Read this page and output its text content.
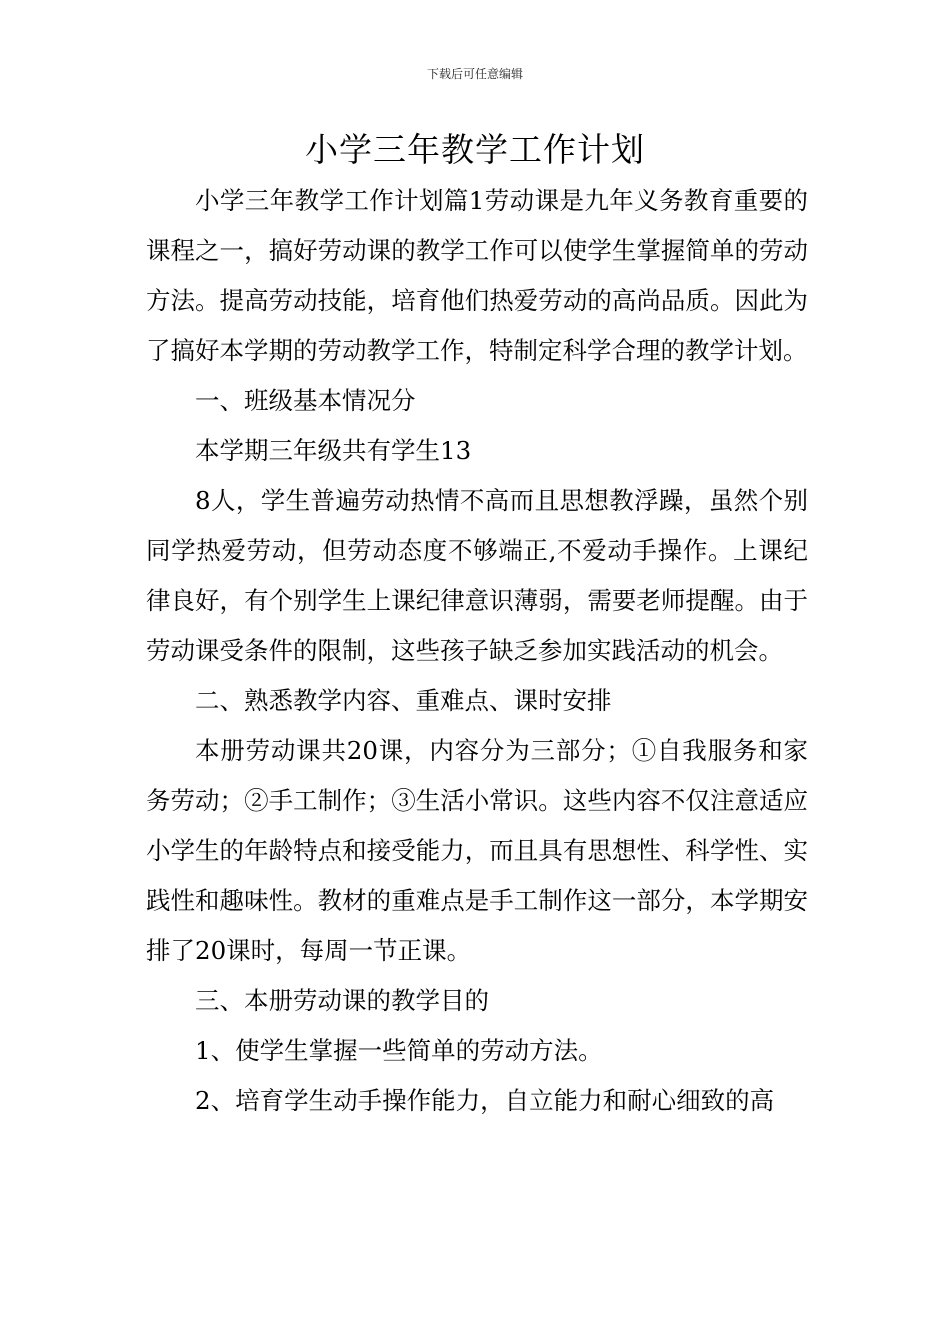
下载后可任意编辑
小学三年教学工作计划

小学三年教学工作计划篇1劳动课是九年义务教育重要的课程之一，搞好劳动课的教学工作可以使学生掌握简单的劳动方法。提高劳动技能，培育他们热爱劳动的高尚品质。因此为了搞好本学期的劳动教学工作，特制定科学合理的教学计划。

一、班级基本情况分

本学期三年级共有学生13

8人，学生普遍劳动热情不高而且思想教浮躁，虽然个别同学热爱劳动，但劳动态度不够端正,不爱动手操作。上课纪律良好，有个别学生上课纪律意识薄弱，需要老师提醒。由于劳动课受条件的限制，这些孩子缺乏参加实践活动的机会。

二、熟悉教学内容、重难点、课时安排

本册劳动课共20课，内容分为三部分；①自我服务和家务劳动；②手工制作；③生活小常识。这些内容不仅注意适应小学生的年龄特点和接受能力，而且具有思想性、科学性、实践性和趣味性。教材的重难点是手工制作这一部分，本学期安排了20课时，每周一节正课。

三、本册劳动课的教学目的

1、使学生掌握一些简单的劳动方法。

2、培育学生动手操作能力，自立能力和耐心细致的高
